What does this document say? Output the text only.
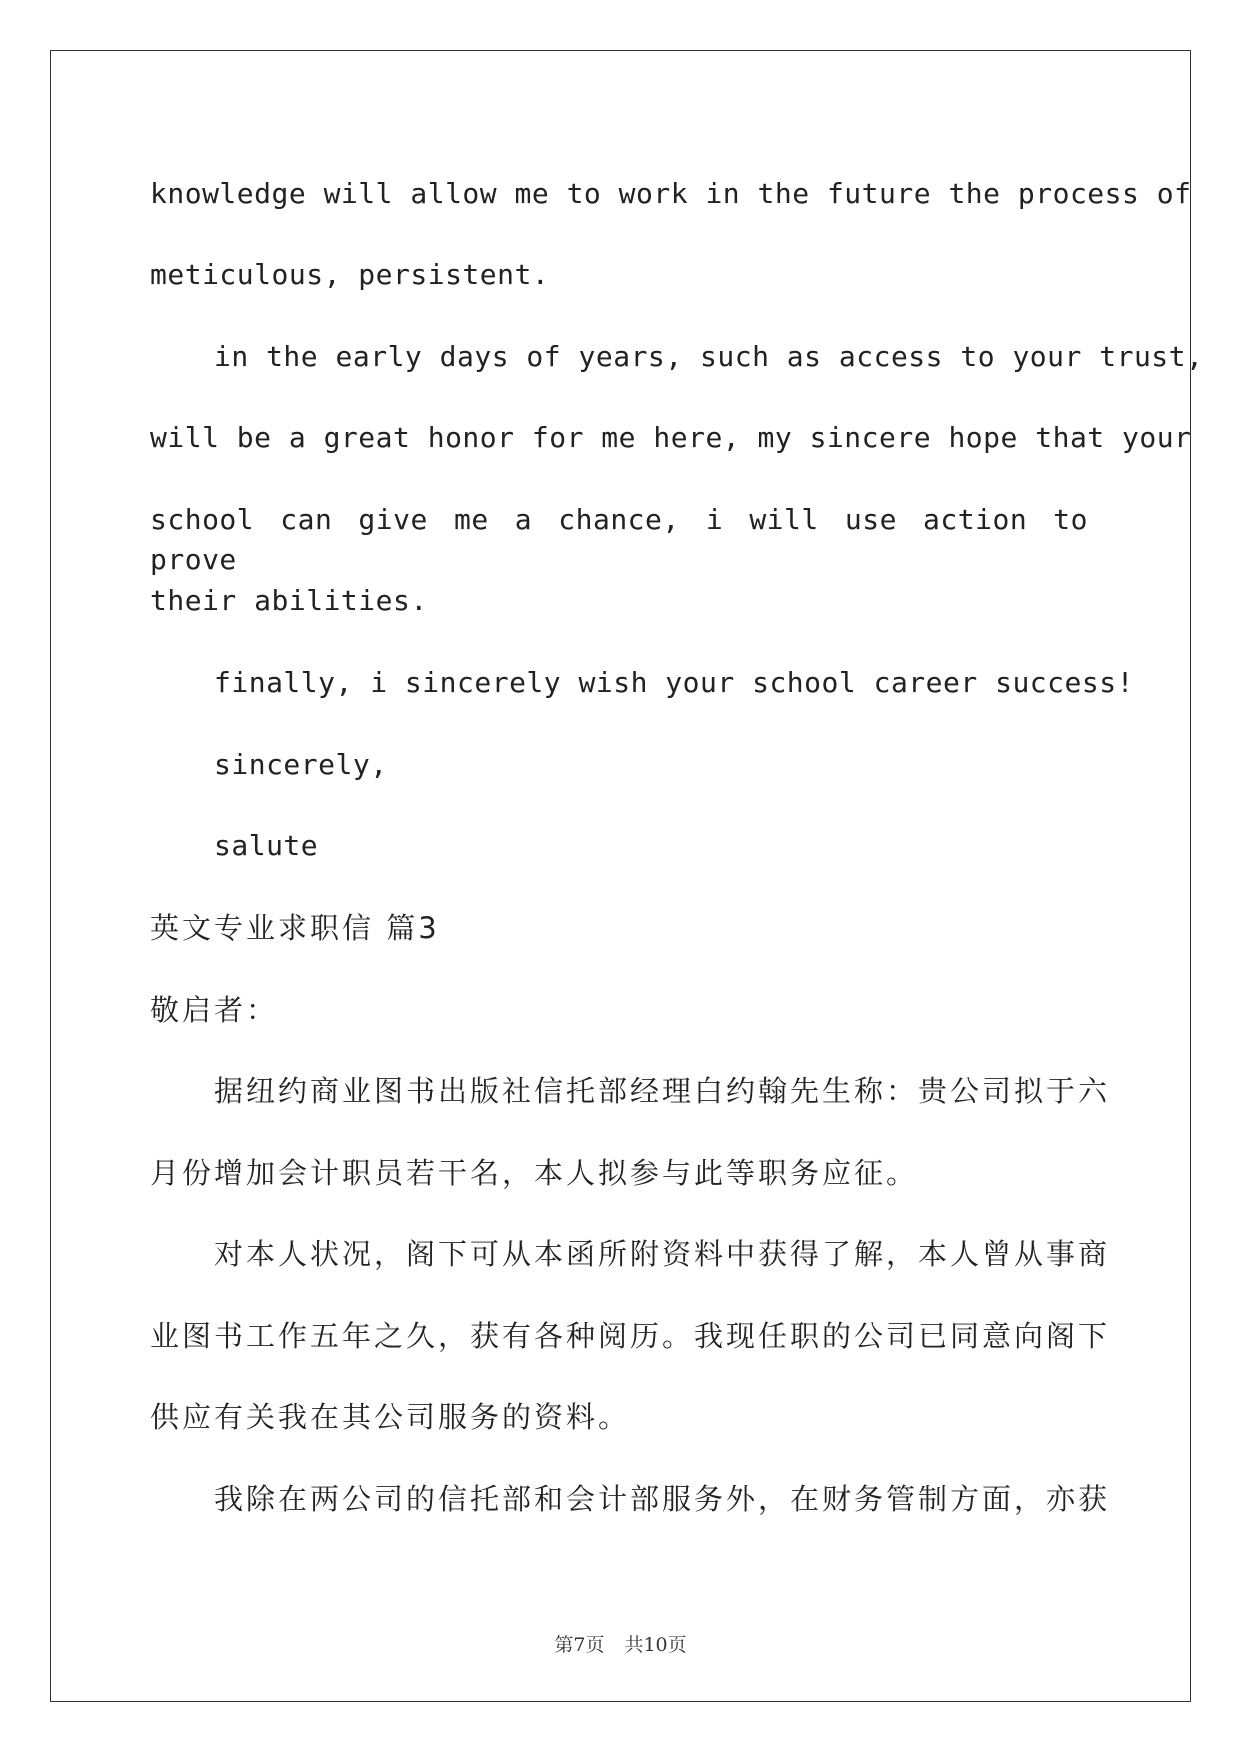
knowledge will allow me to work in the future the process of
meticulous, persistent.
in the early days of years, such as access to your trust,
will be a great honor for me here, my sincere hope that your
school can give me a chance, i will use action to prove
their abilities.
finally, i sincerely wish your school career success!
sincerely,
salute
英文专业求职信 篇3
敬启者：
据纽约商业图书出版社信托部经理白约翰先生称：贵公司拟于六
月份增加会计职员若干名，本人拟参与此等职务应征。
对本人状况，阁下可从本函所附资料中获得了解，本人曾从事商
业图书工作五年之久，获有各种阅历。我现任职的公司已同意向阁下
供应有关我在其公司服务的资料。
我除在两公司的信托部和会计部服务外，在财务管制方面，亦获
第7页 共10页
